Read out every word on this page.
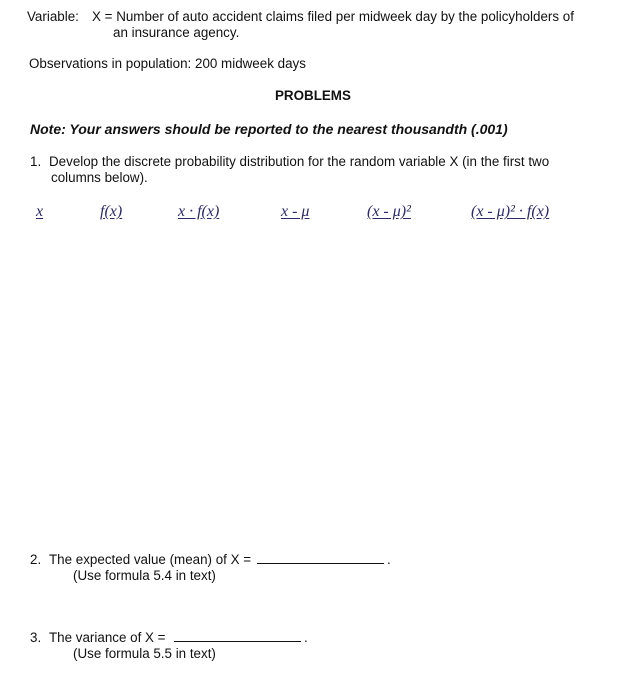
Variable: X = Number of auto accident claims filed per midweek day by the policyholders of
an insurance agency.
Observations in population: 200 midweek days
PROBLEMS
Note: Your answers should be reported to the nearest thousandth (.001)
1. Develop the discrete probability distribution for the random variable X (in the first two
columns below).
x	f(x)	x · f(x)	x - μ	(x - μ)²	(x - μ)² · f(x)
2. The expected value (mean) of X =	.
(Use formula 5.4 in text)
3. The variance of X =	.
(Use formula 5.5 in text)
